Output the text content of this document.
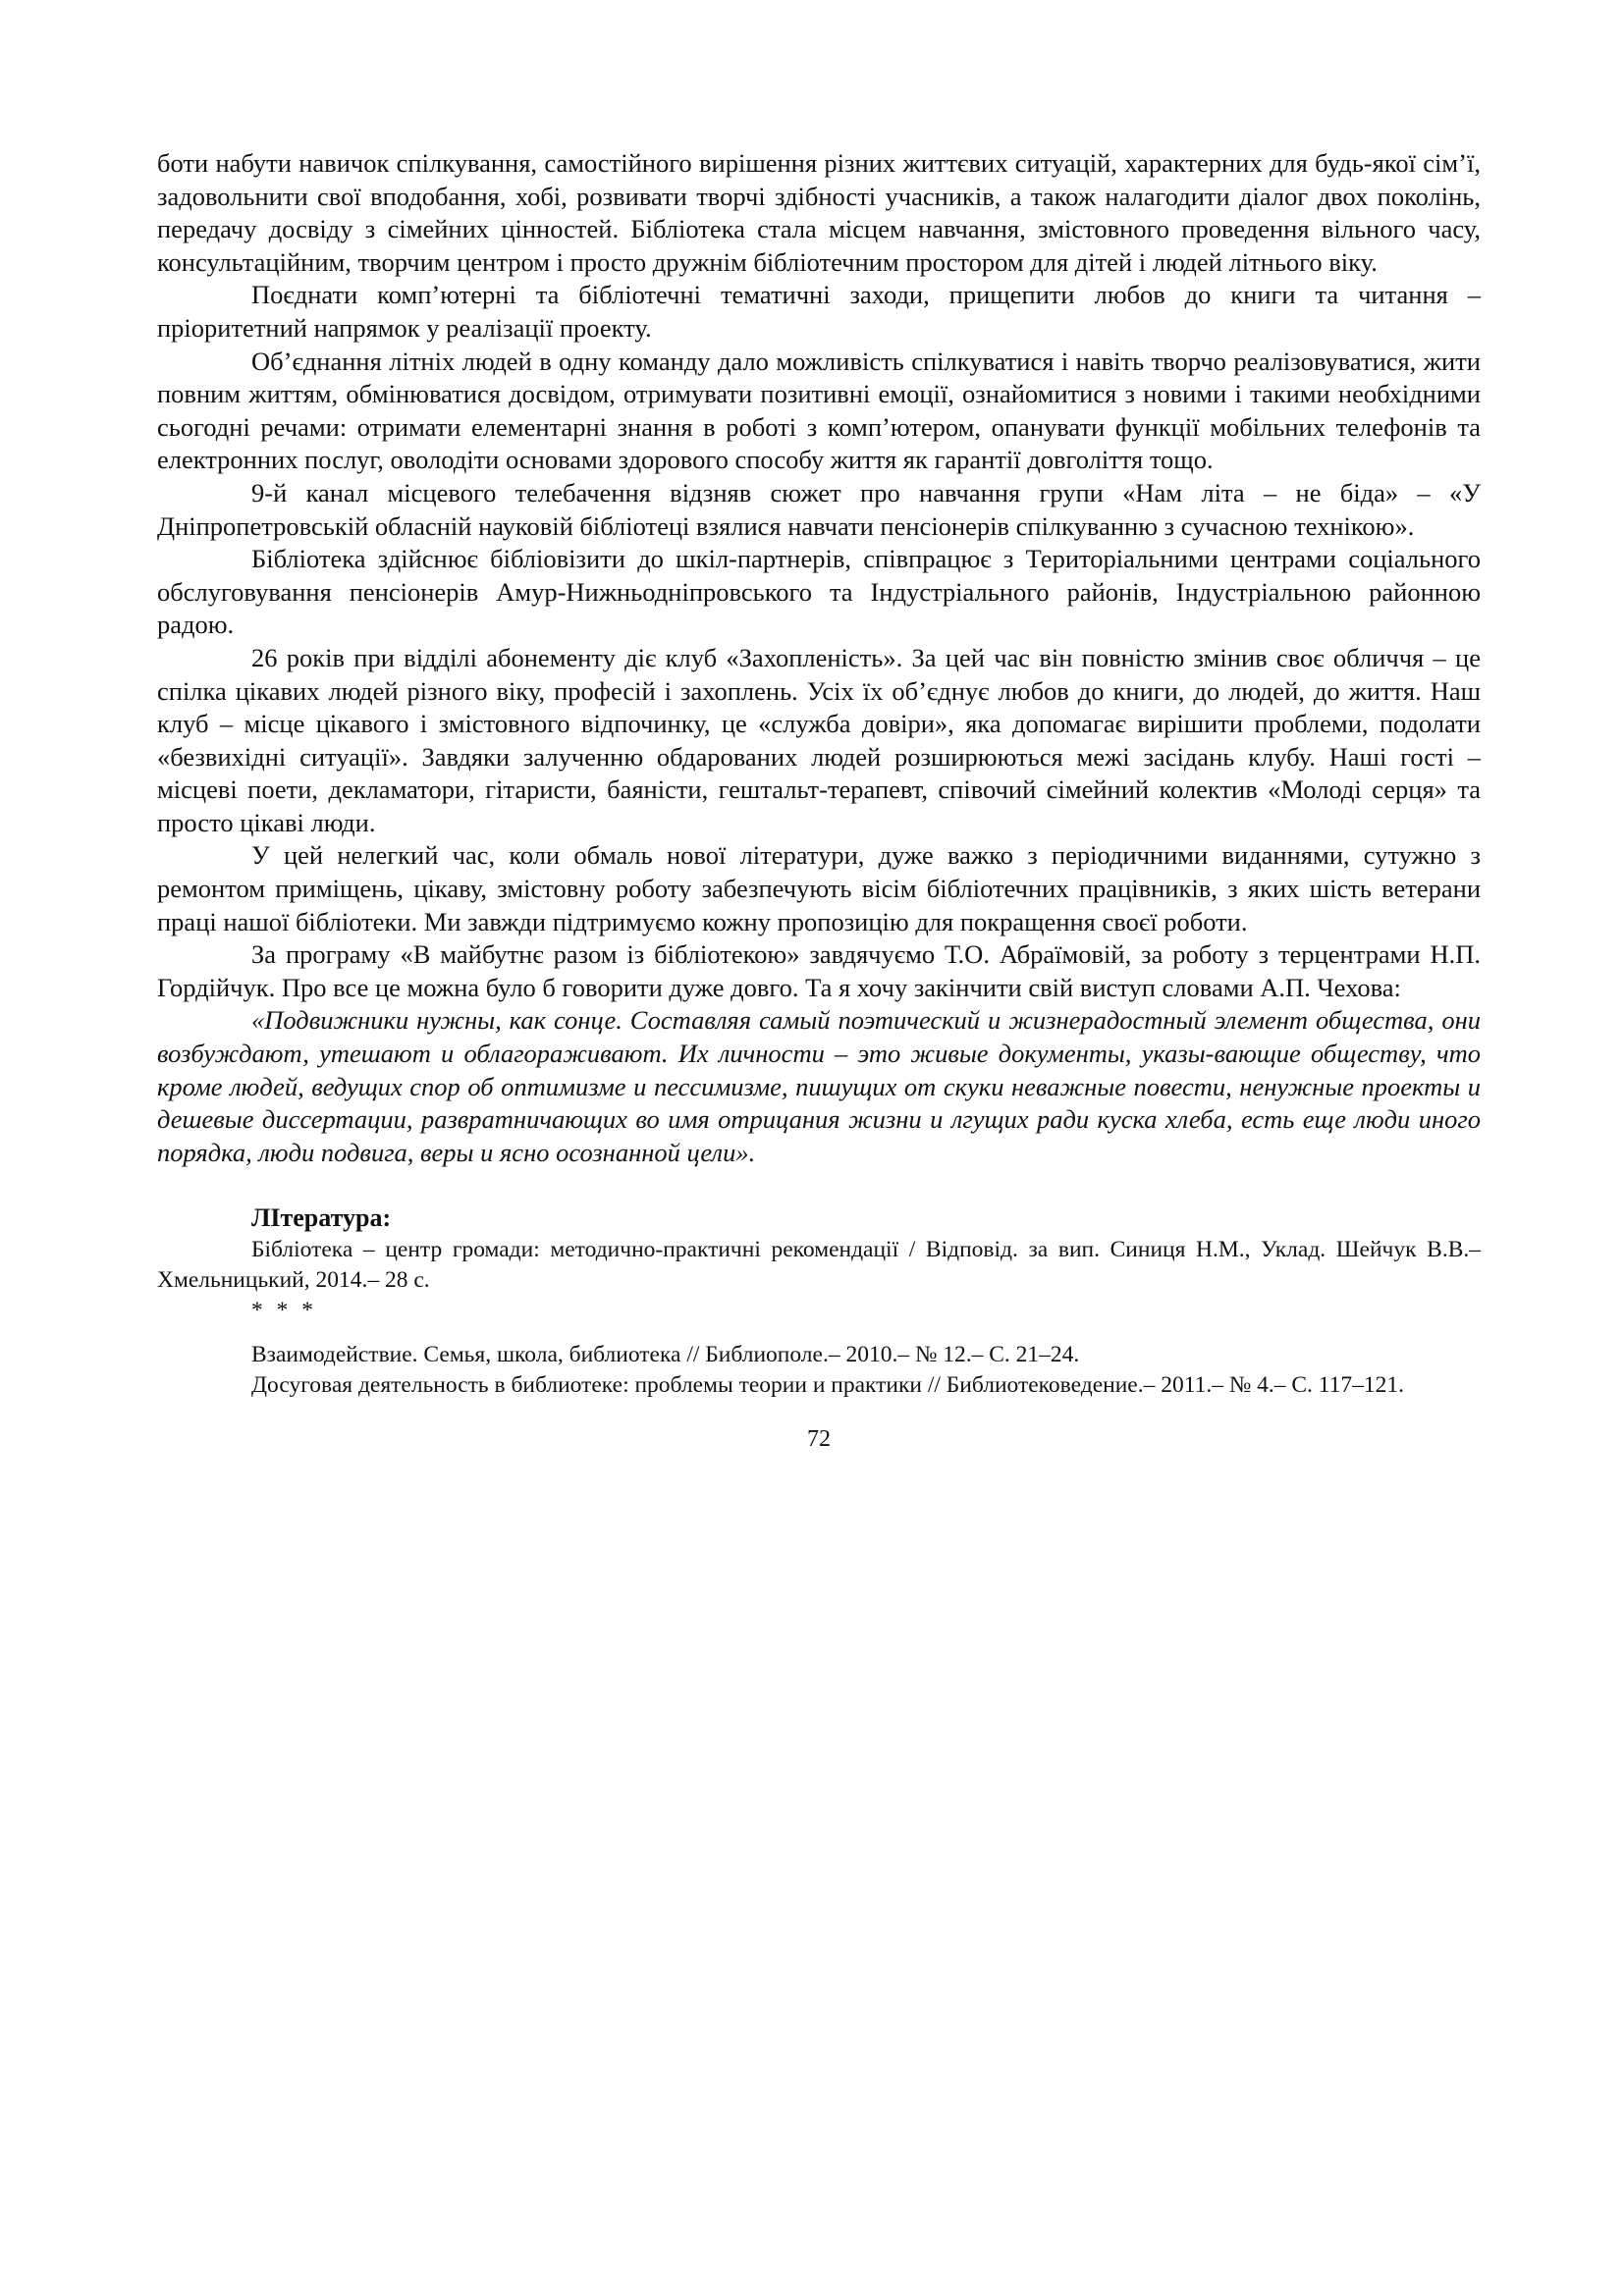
боти набути навичок спілкування, самостійного вирішення різних життєвих ситуацій, характерних для будь-якої сім’ї, задовольнити свої вподобання, хобі, розвивати творчі здібності учасників, а також налагодити діалог двох поколінь, передачу досвіду з сімейних цінностей. Бібліотека стала місцем навчання, змістовного проведення вільного часу, консультаційним, творчим центром і просто дружнім бібліотечним простором для дітей і людей літнього віку.

Поєднати комп’ютерні та бібліотечні тематичні заходи, прищепити любов до книги та читання – пріоритетний напрямок у реалізації проекту.

Об’єднання літніх людей в одну команду дало можливість спілкуватися і навіть творчо реалізовуватися, жити повним життям, обмінюватися досвідом, отримувати позитивні емоції, ознайомитися з новими і такими необхідними сьогодні речами: отримати елементарні знання в роботі з комп’ютером, опанувати функції мобільних телефонів та електронних послуг, оволодіти основами здорового способу життя як гарантії довголіття тощо.

9-й канал місцевого телебачення відзняв сюжет про навчання групи «Нам літа – не біда» – «У Дніпропетровській обласній науковій бібліотеці взялися навчати пенсіонерів спілкуванню з сучасною технікою».

Бібліотека здійснює бібліовізити до шкіл-партнерів, співпрацює з Територіальними центрами соціального обслуговування пенсіонерів Амур-Нижньодніпровського та Індустріального районів, Індустріальною районною радою.

26 років при відділі абонементу діє клуб «Захопленість». За цей час він повністю змінив своє обличчя – це спілка цікавих людей різного віку, професій і захоплень. Усіх їх об’єднує любов до книги, до людей, до життя. Наш клуб – місце цікавого і змістовного відпочинку, це «служба довіри», яка допомагає вирішити проблеми, подолати «безвихідні ситуації». Завдяки залученню обдарованих людей розширюються межі засідань клубу. Наші гості – місцеві поети, декламатори, гітаристи, баяністи, гештальт-терапевт, співочий сімейний колектив «Молоді серця» та просто цікаві люди.

У цей нелегкий час, коли обмаль нової літератури, дуже важко з періодичними виданнями, сутужно з ремонтом приміщень, цікаву, змістовну роботу забезпечують вісім бібліотечних працівників, з яких шість ветерани праці нашої бібліотеки. Ми завжди підтримуємо кожну пропозицію для покращення своєї роботи.

За програму «В майбутнє разом із бібліотекою» завдячуємо Т.О. Абраїмовій, за роботу з терцентрами Н.П. Гордійчук. Про все це можна було б говорити дуже довго. Та я хочу закінчити свій виступ словами А.П. Чехова:

«Подвижники нужны, как сонце. Составляя самый поэтический и жизнерадостный элемент общества, они возбуждают, утешают и облагораживают. Их личности – это живые документы, указы-вающие обществу, что кроме людей, ведущих спор об оптимизме и пессимизме, пишущих от скуки неважные повести, ненужные проекты и дешевые диссертации, развратничающих во имя отрицания жизни и лгущих ради куска хлеба, есть еще люди иного порядка, люди подвига, веры и ясно осознанной цели».

ЛІтература:

Бібліотека – центр громади: методично-практичні рекомендації / Відповід. за вип. Синиця Н.М., Уклад. Шейчук В.В.– Хмельницький, 2014.– 28 с.

* * *

Взаимодействие. Семья, школа, библиотека // Библиополе.– 2010.– № 12.– С. 21–24.

Досуговая деятельность в библиотеке: проблемы теории и практики // Библиотековедение.– 2011.– № 4.– С. 117–121.

72
